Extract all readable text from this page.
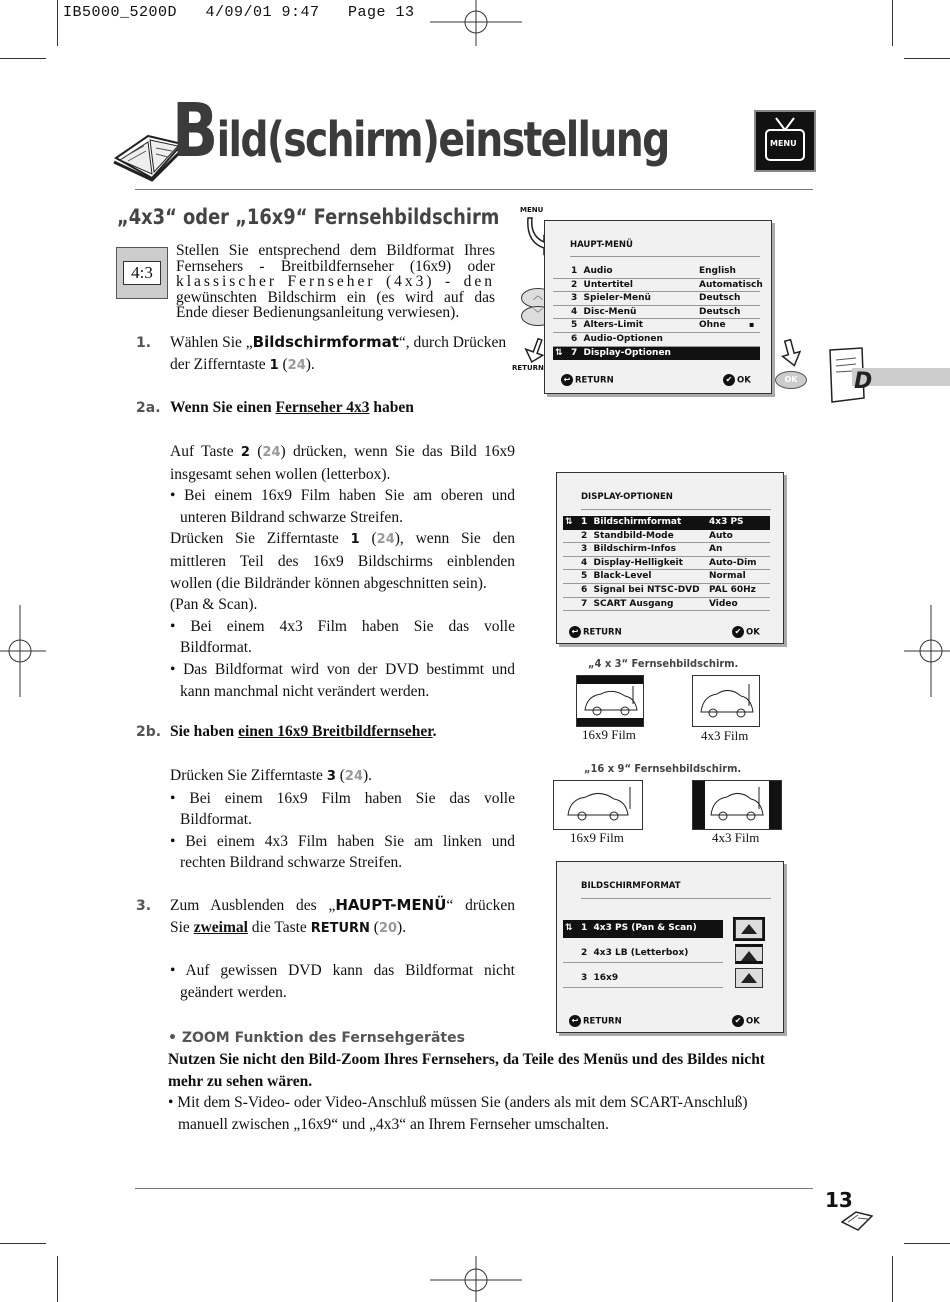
IB5000_5200D   4/09/01 9:47   Page 13
Bild(schirm)einstellung	MENU
„4x3“ oder „16x9“ Fernsehbildschirm
4:3
Stellen Sie entsprechend dem Bildformat Ihres
Fernsehers - Breitbildfernseher (16x9) oder
klassischer Fernseher (4x3) - den
gewünschten Bildschirm ein (es wird auf das
Ende dieser Bedienungsanleitung verwiesen).
1. Wählen Sie „Bildschirmformat“, durch Drücken
der Zifferntaste 1 (24).
2a. Wenn Sie einen Fernseher 4x3 haben
Auf Taste 2 (24) drücken, wenn Sie das Bild 16x9
insgesamt sehen wollen (letterbox).
• Bei einem 16x9 Film haben Sie am oberen und
unteren Bildrand schwarze Streifen.
Drücken Sie Zifferntaste 1 (24), wenn Sie den
mittleren Teil des 16x9 Bildschirms einblenden
wollen (die Bildränder können abgeschnitten sein).
(Pan & Scan).
• Bei einem 4x3 Film haben Sie das volle
Bildformat.
• Das Bildformat wird von der DVD bestimmt und
kann manchmal nicht verändert werden.
2b. Sie haben einen 16x9 Breitbildfernseher.
Drücken Sie Zifferntaste 3 (24).
• Bei einem 16x9 Film haben Sie das volle
Bildformat.
• Bei einem 4x3 Film haben Sie am linken und
rechten Bildrand schwarze Streifen.
3. Zum Ausblenden des „HAUPT-MENÜ“ drücken
Sie zweimal die Taste RETURN (20).
• Auf gewissen DVD kann das Bildformat nicht
geändert werden.
• ZOOM Funktion des Fernsehgerätes
Nutzen Sie nicht den Bild-Zoom Ihres Fernsehers, da Teile des Menüs und des Bildes nicht
mehr zu sehen wären.
• Mit dem S-Video- oder Video-Anschluß müssen Sie (anders als mit dem SCART-Anschluß)
manuell zwischen „16x9“ und „4x3“ an Ihrem Fernseher umschalten.
MENU
︿
﹀
RETURN
OK
HAUPT-MENÜ
1  Audio	English
2  Untertitel	Automatisch
3  Spieler-Menü	Deutsch
4  Disc-Menü	Deutsch
5  Alters-Limit	Ohne	▪
6  Audio-Optionen
⇅ 7  Display-Optionen
↩ RETURN	✔ OK	D
DISPLAY-OPTIONEN
⇅ 1  Bildschirmformat	4x3 PS
2  Standbild-Mode	Auto
3  Bildschirm-Infos	An
4  Display-Helligkeit	Auto-Dim
5  Black-Level	Normal
6  Signal bei NTSC-DVD PAL 60Hz
7  SCART Ausgang	Video
↩ RETURN	✔ OK
„4 x 3“ Fernsehbildschirm.
16x9 Film	4x3 Film
„16 x 9“ Fernsehbildschirm.
16x9 Film	4x3 Film
BILDSCHIRMFORMAT
⇅ 1  4x3 PS (Pan & Scan)
2  4x3 LB (Letterbox)
3  16x9
↩ RETURN	✔ OK
13
